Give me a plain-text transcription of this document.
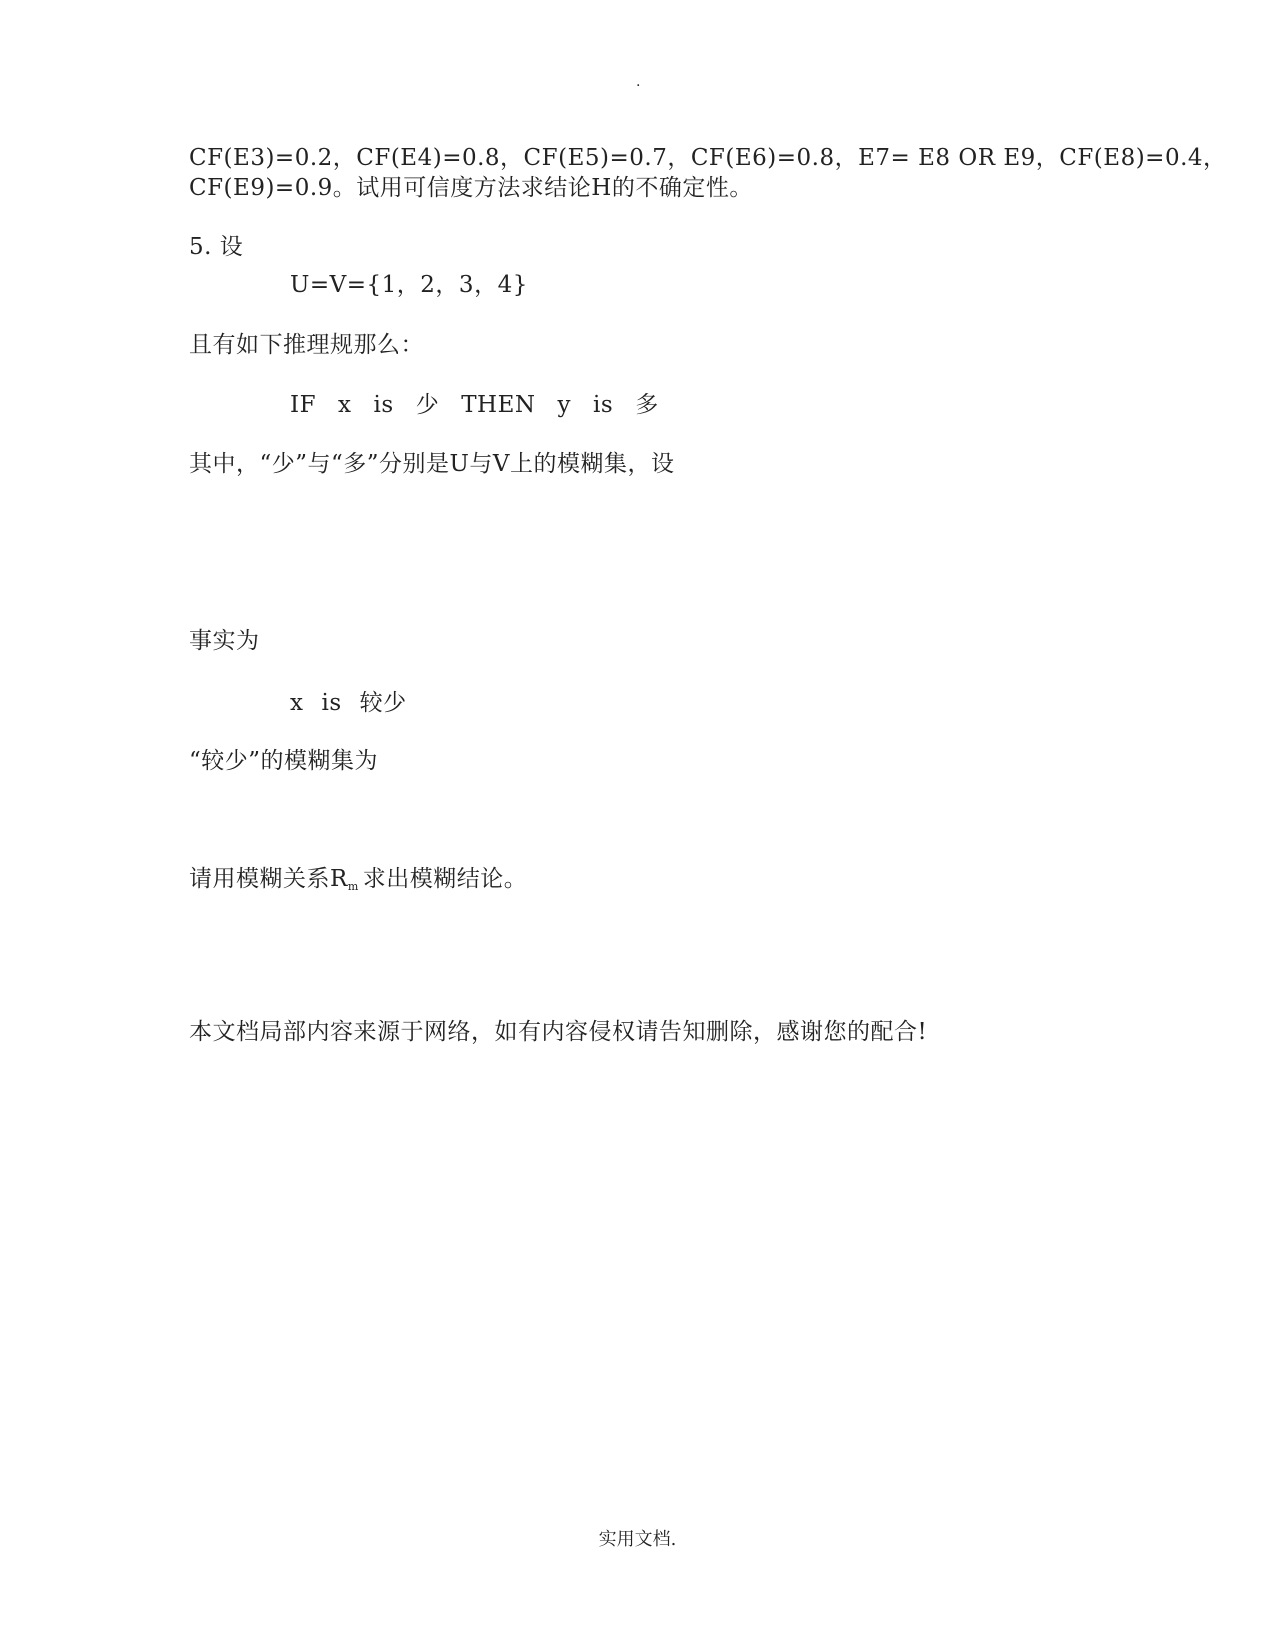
.

CF(E3)=0.2，CF(E4)=0.8，CF(E5)=0.7，CF(E6)=0.8，E7= E8 OR E9，CF(E8)=0.4，

CF(E9)=0.9。试用可信度方法求结论H的不确定性。

5. 设

U=V={1，2，3，4}

且有如下推理规那么：

IF x is 少 THEN y is 多

其中，“少”与“多”分别是U与V上的模糊集，设

事实为

x is 较少

“较少”的模糊集为

请用模糊关系$R_m$ 求出模糊结论。

本文档局部内容来源于网络，如有内容侵权请告知删除，感谢您的配合!

实用文档.
